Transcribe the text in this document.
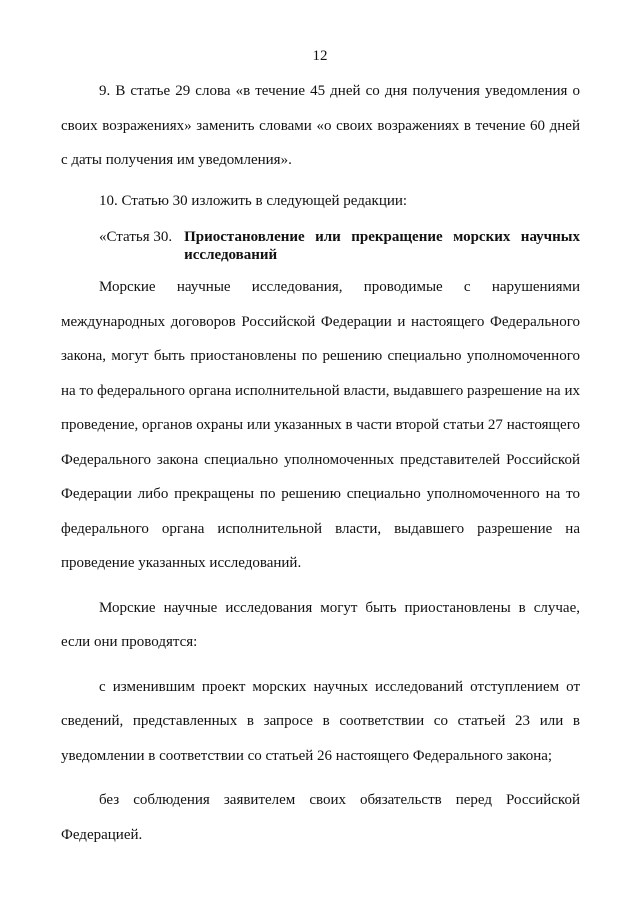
12

9. В статье 29 слова «в течение 45 дней со дня получения уведомления о своих возражениях» заменить словами «о своих возражениях в течение 60 дней с даты получения им уведомления».

10. Статью 30 изложить в следующей редакции:

«Статья 30. Приостановление или прекращение морских научных исследований

Морские научные исследования, проводимые с нарушениями международных договоров Российской Федерации и настоящего Федерального закона, могут быть приостановлены по решению специально уполномоченного на то федерального органа исполнительной власти, выдавшего разрешение на их проведение, органов охраны или указанных в части второй статьи 27 настоящего Федерального закона специально уполномоченных представителей Российской Федерации либо прекращены по решению специально уполномоченного на то федерального органа исполнительной власти, выдавшего разрешение на проведение указанных исследований.

Морские научные исследования могут быть приостановлены в случае, если они проводятся:

с изменившим проект морских научных исследований отступлением от сведений, представленных в запросе в соответствии со статьей 23 или в уведомлении в соответствии со статьей 26 настоящего Федерального закона;

без соблюдения заявителем своих обязательств перед Российской Федерацией.
